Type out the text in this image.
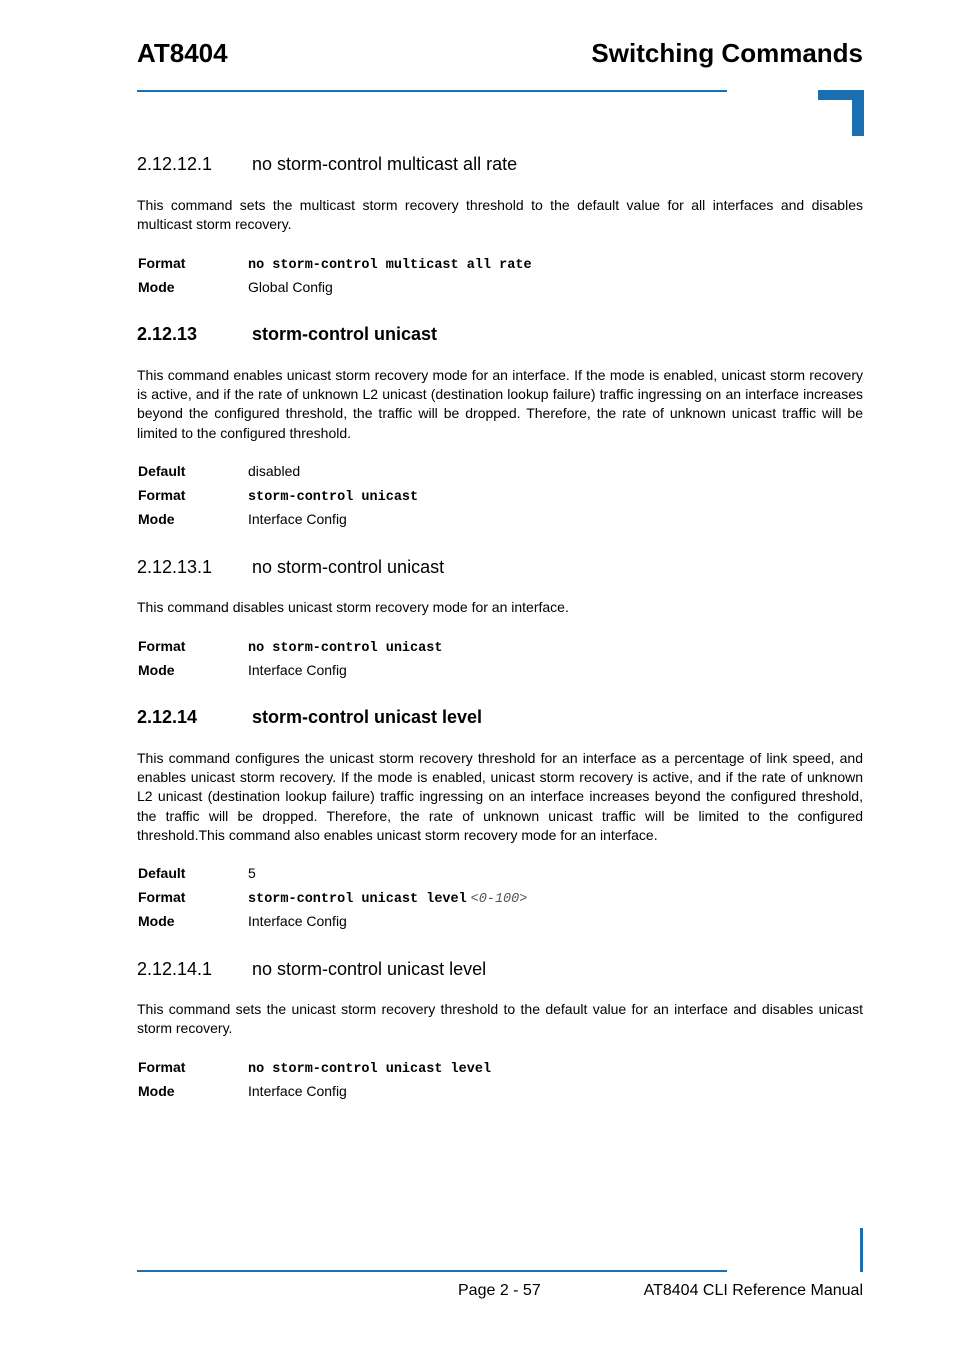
AT8404	Switching Commands
2.12.12.1 no storm-control multicast all rate

This command sets the multicast storm recovery threshold to the default value for all interfaces and disables multicast storm recovery.

Format	no storm-control multicast all rate
Mode	Global Config
2.12.13	storm-control unicast

This command enables unicast storm recovery mode for an interface. If the mode is enabled, unicast storm recovery is active, and if the rate of unknown L2 unicast (destination lookup failure) traffic ingressing on an interface increases beyond the configured threshold, the traffic will be dropped. Therefore, the rate of unknown unicast traffic will be limited to the configured threshold.

Default	disabled
Format	storm-control unicast
Mode	Interface Config
2.12.13.1 no storm-control unicast

This command disables unicast storm recovery mode for an interface.

Format	no storm-control unicast
Mode	Interface Config
2.12.14	storm-control unicast level

This command configures the unicast storm recovery threshold for an interface as a percentage of link speed, and enables unicast storm recovery. If the mode is enabled, unicast storm recovery is active, and if the rate of unknown L2 unicast (destination lookup failure) traffic ingressing on an interface increases beyond the configured threshold, the traffic will be dropped. Therefore, the rate of unknown unicast traffic will be limited to the configured threshold.This command also enables unicast storm recovery mode for an interface.

Default	5
Format	storm-control unicast level <0-100>
Mode	Interface Config
2.12.14.1 no storm-control unicast level

This command sets the unicast storm recovery threshold to the default value for an interface and disables unicast storm recovery.

Format	no storm-control unicast level
Mode	Interface Config
Page 2 - 57	AT8404 CLI Reference Manual
